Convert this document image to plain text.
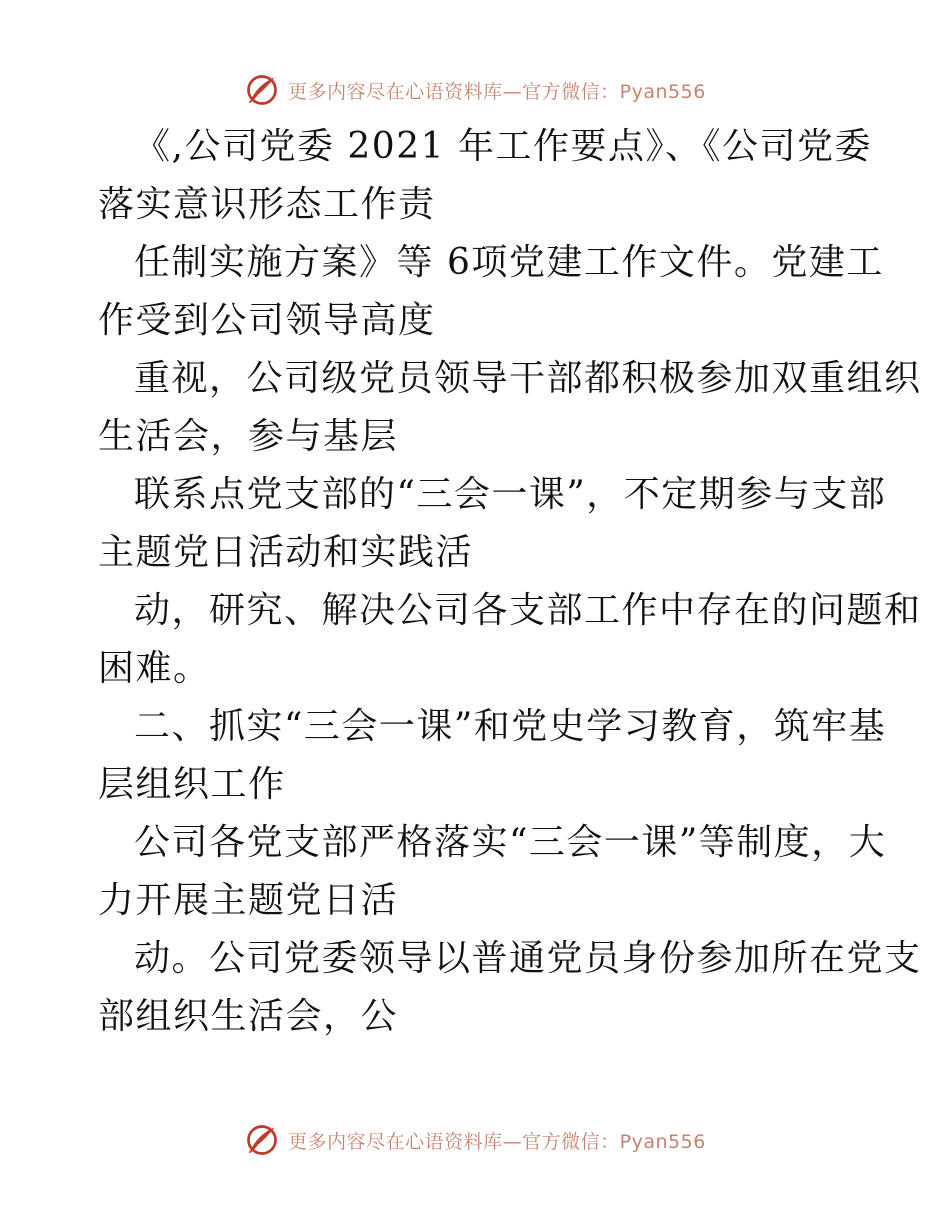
更多内容尽在心语资料库—官方微信：Pyan556

《,公司党委 2021 年工作要点》、《公司党委
落实意识形态工作责

任制实施方案》等 6项党建工作文件。党建工
作受到公司领导高度

重视，公司级党员领导干部都积极参加双重组织
生活会，参与基层

联系点党支部的“三会一课”，不定期参与支部
主题党日活动和实践活

动，研究、解决公司各支部工作中存在的问题和
困难。

二、抓实“三会一课”和党史学习教育，筑牢基
层组织工作

公司各党支部严格落实“三会一课”等制度，大
力开展主题党日活

动。公司党委领导以普通党员身份参加所在党支
部组织生活会，公

更多内容尽在心语资料库—官方微信：Pyan556
